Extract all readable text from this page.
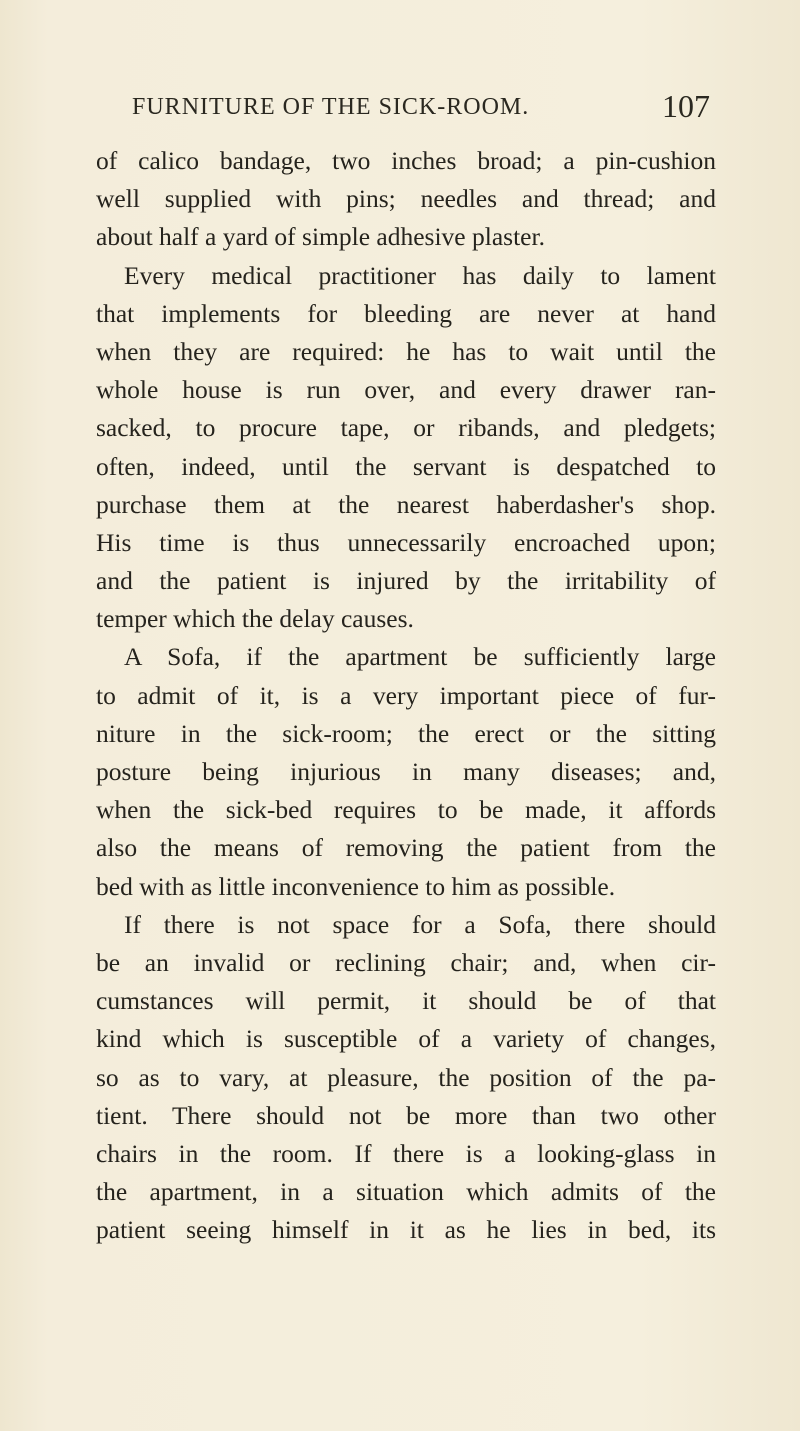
FURNITURE OF THE SICK-ROOM.	107
of calico bandage, two inches broad; a pin-cushion
well supplied with pins; needles and thread; and
about half a yard of simple adhesive plaster.
Every medical practitioner has daily to lament
that implements for bleeding are never at hand
when they are required: he has to wait until the
whole house is run over, and every drawer ran-
sacked, to procure tape, or ribands, and pledgets;
often, indeed, until the servant is despatched to
purchase them at the nearest haberdasher's shop.
His time is thus unnecessarily encroached upon;
and the patient is injured by the irritability of
temper which the delay causes.
A Sofa, if the apartment be sufficiently large
to admit of it, is a very important piece of fur-
niture in the sick-room; the erect or the sitting
posture being injurious in many diseases; and,
when the sick-bed requires to be made, it affords
also the means of removing the patient from the
bed with as little inconvenience to him as possible.
If there is not space for a Sofa, there should
be an invalid or reclining chair; and, when cir-
cumstances will permit, it should be of that
kind which is susceptible of a variety of changes,
so as to vary, at pleasure, the position of the pa-
tient. There should not be more than two other
chairs in the room. If there is a looking-glass in
the apartment, in a situation which admits of the
patient seeing himself in it as he lies in bed, its
